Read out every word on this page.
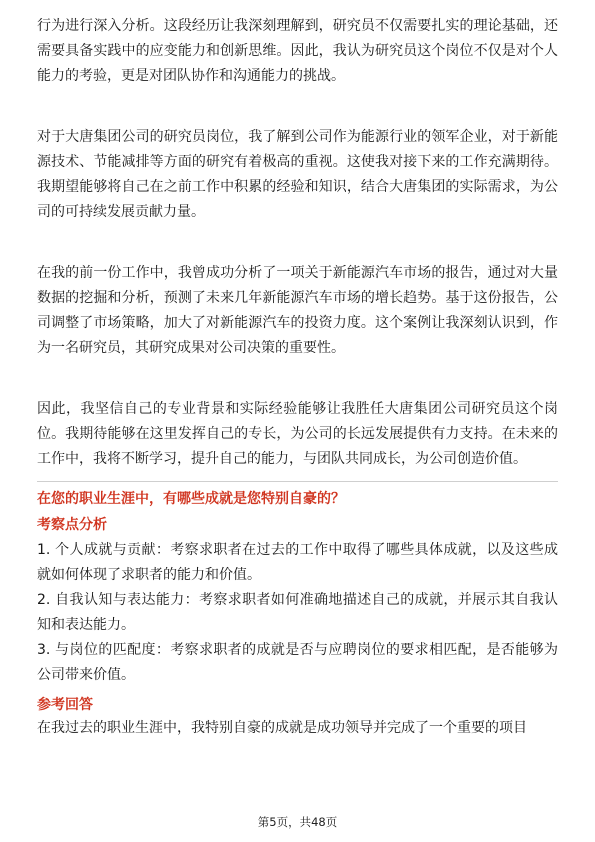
行为进行深入分析。这段经历让我深刻理解到，研究员不仅需要扎实的理论基础，还需要具备实践中的应变能力和创新思维。因此，我认为研究员这个岗位不仅是对个人能力的考验，更是对团队协作和沟通能力的挑战。

对于大唐集团公司的研究员岗位，我了解到公司作为能源行业的领军企业，对于新能源技术、节能减排等方面的研究有着极高的重视。这使我对接下来的工作充满期待。我期望能够将自己在之前工作中积累的经验和知识，结合大唐集团的实际需求，为公司的可持续发展贡献力量。

在我的前一份工作中，我曾成功分析了一项关于新能源汽车市场的报告，通过对大量数据的挖掘和分析，预测了未来几年新能源汽车市场的增长趋势。基于这份报告，公司调整了市场策略，加大了对新能源汽车的投资力度。这个案例让我深刻认识到，作为一名研究员，其研究成果对公司决策的重要性。

因此，我坚信自己的专业背景和实际经验能够让我胜任大唐集团公司研究员这个岗位。我期待能够在这里发挥自己的专长，为公司的长远发展提供有力支持。在未来的工作中，我将不断学习，提升自己的能力，与团队共同成长，为公司创造价值。

在您的职业生涯中，有哪些成就是您特别自豪的？

考察点分析

1. 个人成就与贡献：考察求职者在过去的工作中取得了哪些具体成就，以及这些成就如何体现了求职者的能力和价值。

2. 自我认知与表达能力：考察求职者如何准确地描述自己的成就，并展示其自我认知和表达能力。

3. 与岗位的匹配度：考察求职者的成就是否与应聘岗位的要求相匹配，是否能够为公司带来价值。

参考回答

在我过去的职业生涯中，我特别自豪的成就是成功领导并完成了一个重要的项目

第5页，共48页
